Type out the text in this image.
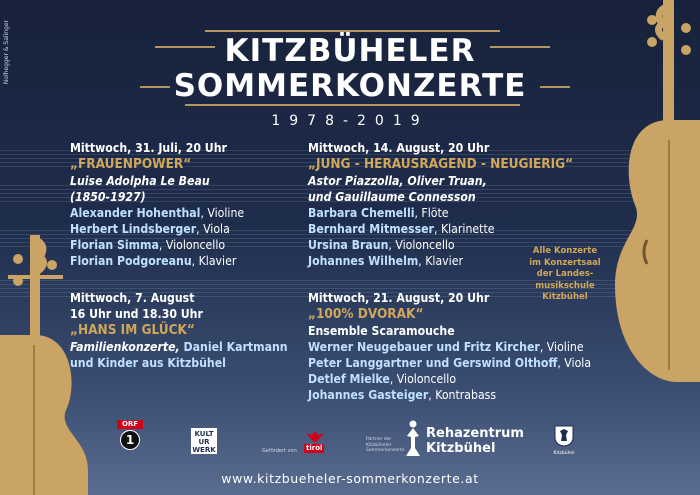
Nolhegger & Salinger	KITZBÜHELER
SOMMERKONZERTE
1978-2019
Mittwoch, 31. Juli, 20 Uhr
„FRAUENPOWER“
Luise Adolpha Le Beau
(1850-1927)
Alexander Hohenthal, Violine
Herbert Lindsberger, Viola
Florian Simma, Violoncello
Florian Podgoreanu, Klavier
Mittwoch, 7. August
16 Uhr und 18.30 Uhr
„HANS IM GLÜCK“
Familienkonzerte, Daniel Kartmann
und Kinder aus Kitzbühel
Mittwoch, 14. August, 20 Uhr
„JUNG - HERAUSRAGEND - NEUGIERIG“
Astor Piazzolla, Oliver Truan,
und Gauillaume Connesson
Barbara Chemelli, Flöte
Bernhard Mitmesser, Klarinette
Ursina Braun, Violoncello
Johannes Wilhelm, Klavier
Mittwoch, 21. August, 20 Uhr
„100% DVORAK“
Ensemble Scaramouche
Werner Neugebauer und Fritz Kircher, Violine
Peter Langgartner und Gerswind Olthoff, Viola
Detlef Mielke, Violoncello
Johannes Gasteiger, Kontrabass
Alle Konzerte
im Konzertsaal
der Landes-
musikschule
Kitzbühel
ORF
1	KULT UR WERK	Gefördert von tirol
Partner der Kitzbüheler Sommerkonzerte
Rehazentrum
Kitzbühel	Kitzbühel
www.kitzbueheler-sommerkonzerte.at
